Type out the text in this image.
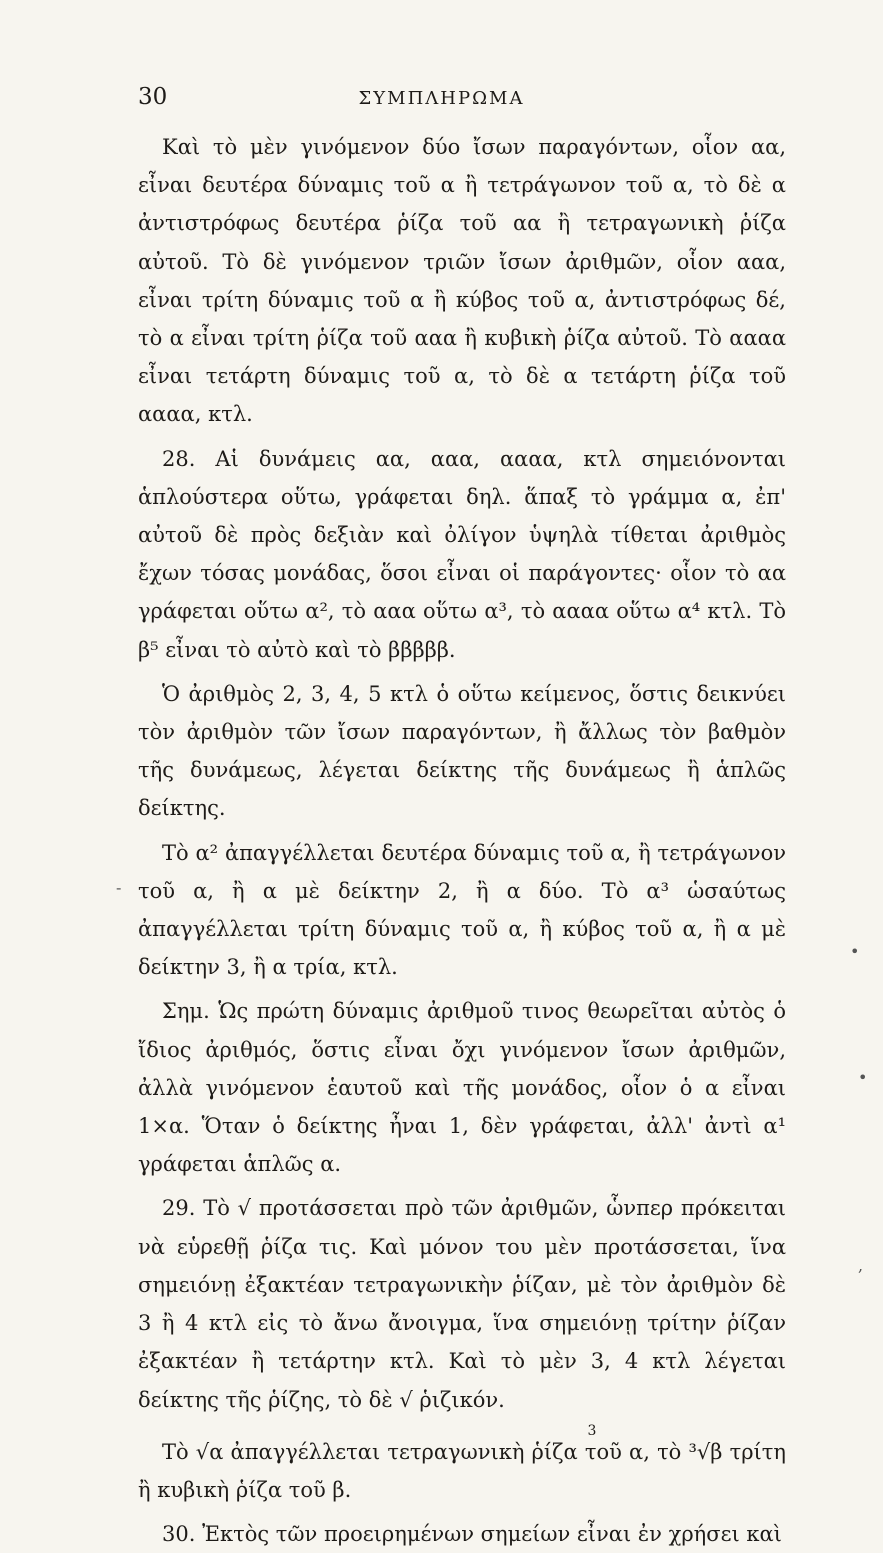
30	ΣΥΜΠΛΗΡΩΜΑ

Καὶ τὸ μὲν γινόμενον δύο ἴσων παραγόντων, οἷον αα, εἶναι δευτέρα δύναμις τοῦ α ἢ τετράγωνον τοῦ α, τὸ δὲ α ἀντιστρόφως δευτέρα ῥίζα τοῦ αα ἢ τετραγωνικὴ ῥίζα αὐτοῦ. Τὸ δὲ γινόμενον τριῶν ἴσων ἀριθμῶν, οἷον ααα, εἶναι τρίτη δύναμις τοῦ α ἢ κύβος τοῦ α, ἀντιστρόφως δέ, τὸ α εἶναι τρίτη ῥίζα τοῦ ααα ἢ κυβικὴ ῥίζα αὐτοῦ. Τὸ αααα εἶναι τετάρτη δύναμις τοῦ α, τὸ δὲ α τετάρτη ῥίζα τοῦ αααα, κτλ.

28. Αἱ δυνάμεις αα, ααα, αααα, κτλ σημειόνονται ἁπλούστερα οὕτω, γράφεται δηλ. ἅπαξ τὸ γράμμα α, ἐπ' αὐτοῦ δὲ πρὸς δεξιὰν καὶ ὀλίγον ὑψηλὰ τίθεται ἀριθμὸς ἔχων τόσας μονάδας, ὅσοι εἶναι οἱ παράγοντες· οἷον τὸ αα γράφεται οὕτω α², τὸ ααα οὕτω α³, τὸ αααα οὕτω α⁴ κτλ. Τὸ β⁵ εἶναι τὸ αὐτὸ καὶ τὸ βββββ.

Ὁ ἀριθμὸς 2, 3, 4, 5 κτλ ὁ οὕτω κείμενος, ὅστις δεικνύει τὸν ἀριθμὸν τῶν ἴσων παραγόντων, ἢ ἄλλως τὸν βαθμὸν τῆς δυνάμεως, λέγεται δείκτης τῆς δυνάμεως ἢ ἁπλῶς δείκτης.

Τὸ α² ἀπαγγέλλεται δευτέρα δύναμις τοῦ α, ἢ τετράγωνον τοῦ α, ἢ α μὲ δείκτην 2, ἢ α δύο. Τὸ α³ ὡσαύτως ἀπαγγέλλεται τρίτη δύναμις τοῦ α, ἢ κύβος τοῦ α, ἢ α μὲ δείκτην 3, ἢ α τρία, κτλ.

Σημ. Ὡς πρώτη δύναμις ἀριθμοῦ τινος θεωρεῖται αὐτὸς ὁ ἴδιος ἀριθμός, ὅστις εἶναι ὄχι γινόμενον ἴσων ἀριθμῶν, ἀλλὰ γινόμενον ἑαυτοῦ καὶ τῆς μονάδος, οἷον ὁ α εἶναι 1×α. Ὅταν ὁ δείκτης ἦναι 1, δὲν γράφεται, ἀλλ' ἀντὶ α¹ γράφεται ἁπλῶς α.

29. Τὸ √ προτάσσεται πρὸ τῶν ἀριθμῶν, ὧνπερ πρόκειται νὰ εὑρεθῇ ῥίζα τις. Καὶ μόνον του μὲν προτάσσεται, ἵνα σημειόνῃ ἐξακτέαν τετραγωνικὴν ῥίζαν, μὲ τὸν ἀριθμὸν δὲ 3 ἢ 4 κτλ εἰς τὸ ἄνω ἄνοιγμα, ἵνα σημειόνῃ τρίτην ῥίζαν ἐξακτέαν ἢ τετάρτην κτλ. Καὶ τὸ μὲν 3, 4 κτλ λέγεται δείκτης τῆς ῥίζης, τὸ δὲ √ ῥιζικόν.

3

Τὸ √α ἀπαγγέλλεται τετραγωνικὴ ῥίζα τοῦ α, τὸ ³√β τρίτη ἢ κυβικὴ ῥίζα τοῦ β.

30. Ἐκτὸς τῶν προειρημένων σημείων εἶναι ἐν χρήσει καὶ

-
•
•
,
